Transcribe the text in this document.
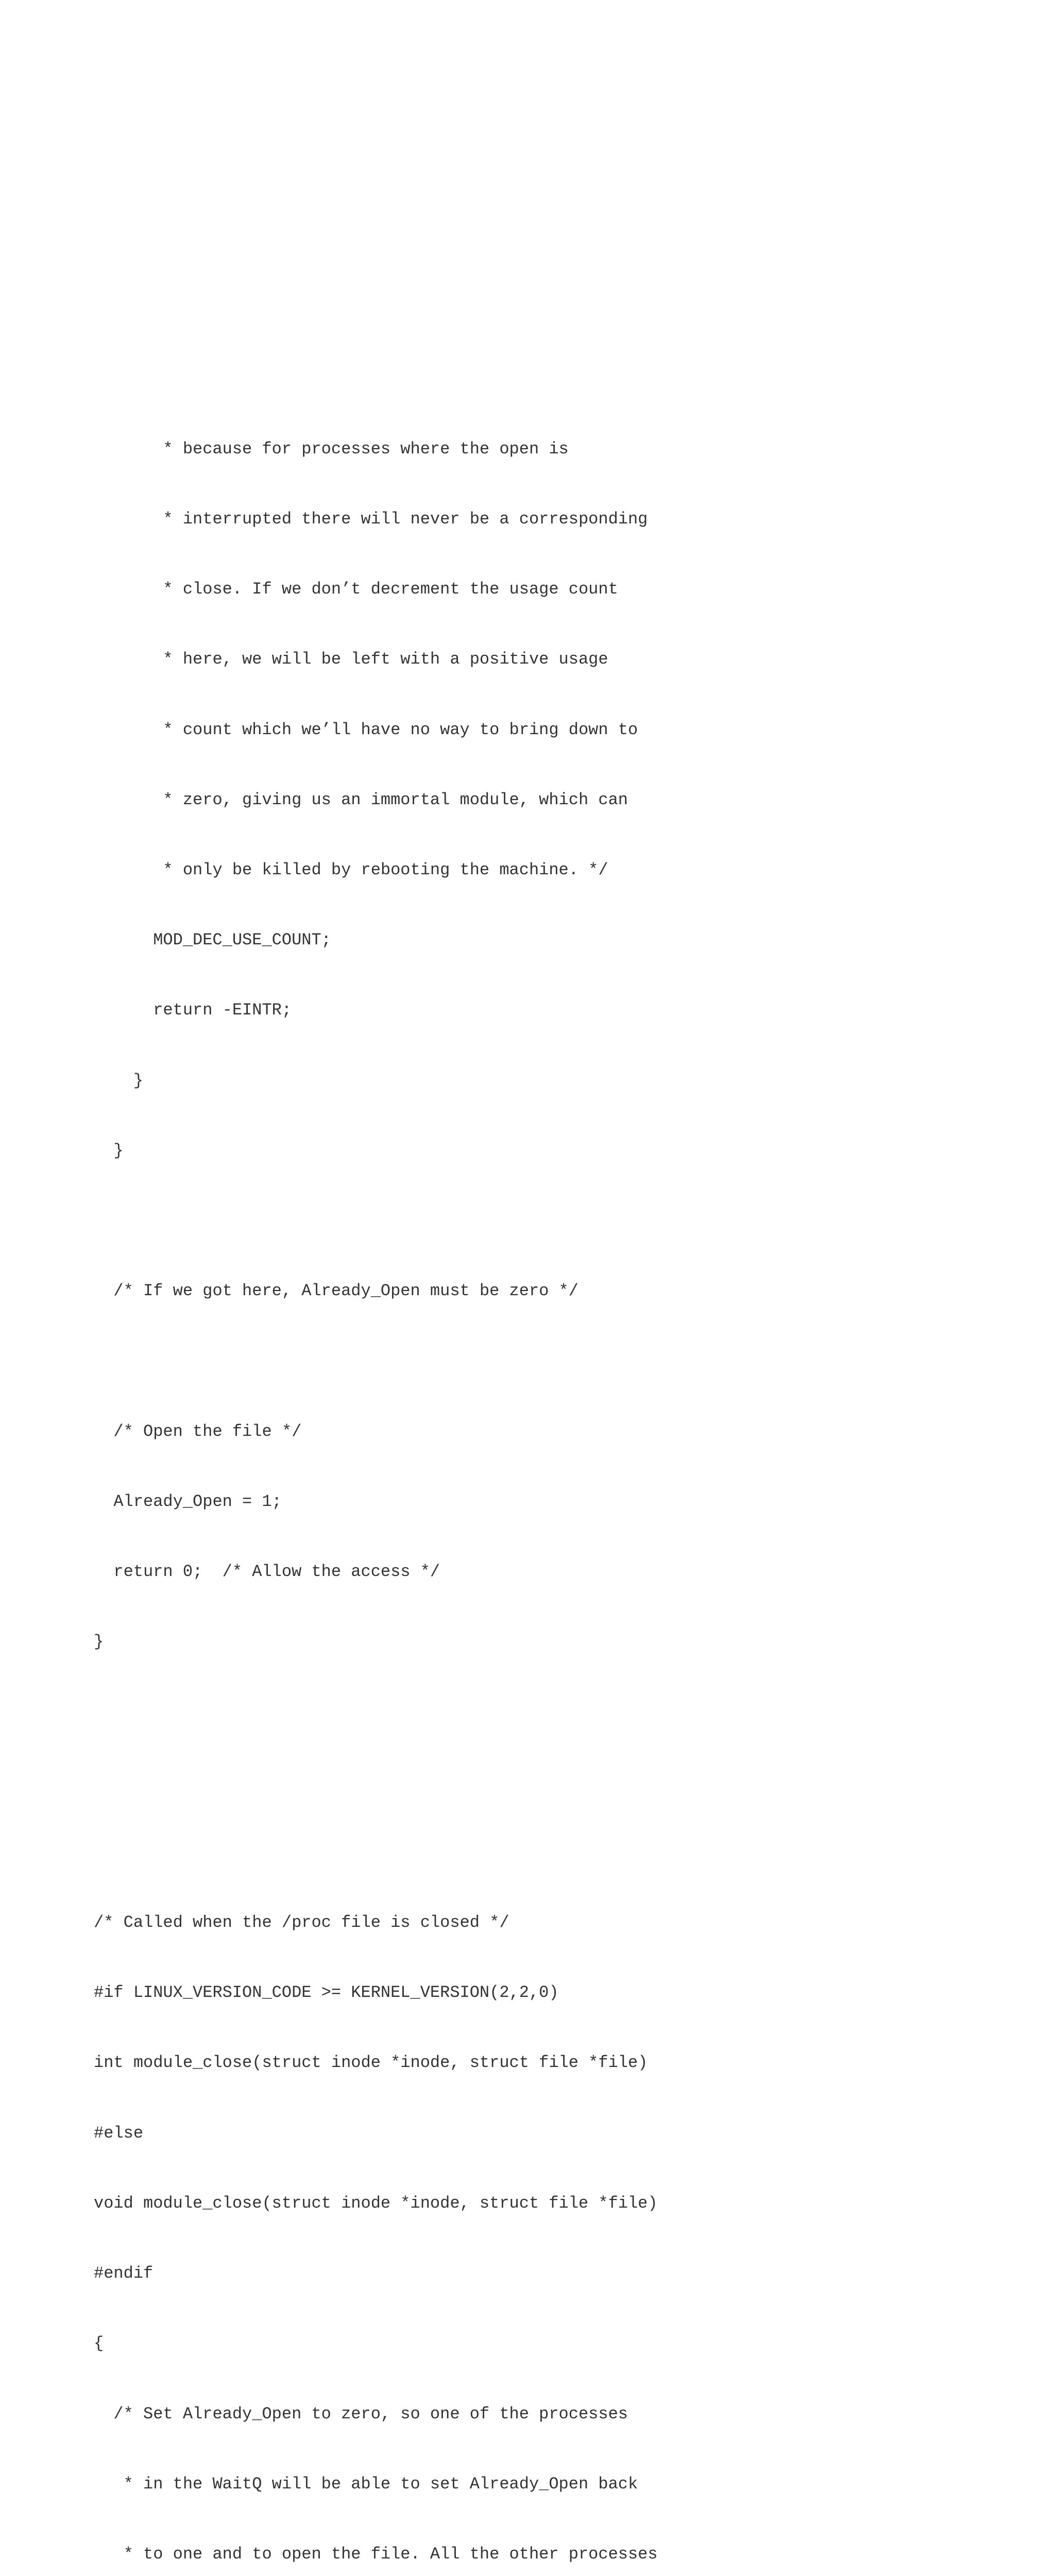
* because for processes where the open is

* interrupted there will never be a corresponding

* close. If we don’t decrement the usage count

* here, we will be left with a positive usage

* count which we’ll have no way to bring down to

* zero, giving us an immortal module, which can

* only be killed by rebooting the machine. */

MOD_DEC_USE_COUNT;

return -EINTR;

}

}

/* If we got here, Already_Open must be zero */

/* Open the file */

Already_Open = 1;

return 0;  /* Allow the access */

}

/* Called when the /proc file is closed */

#if LINUX_VERSION_CODE >= KERNEL_VERSION(2,2,0)

int module_close(struct inode *inode, struct file *file)

#else

void module_close(struct inode *inode, struct file *file)

#endif

{

/* Set Already_Open to zero, so one of the processes

* in the WaitQ will be able to set Already_Open back

* to one and to open the file. All the other processes
